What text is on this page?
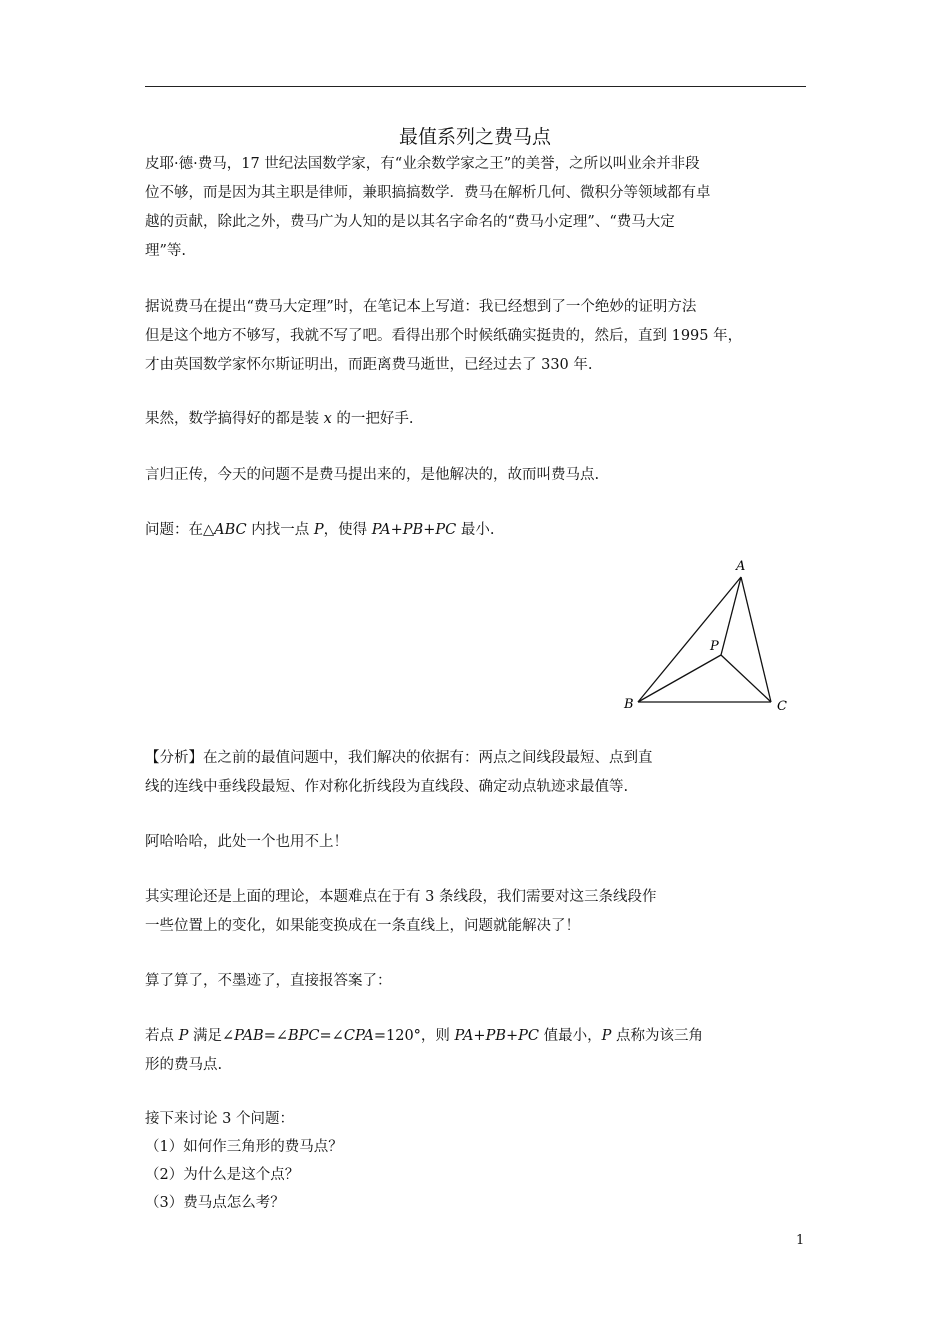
最值系列之费马点
皮耶·德·费马，17 世纪法国数学家，有“业余数学家之王”的美誉，之所以叫业余并非段
位不够，而是因为其主职是律师，兼职搞搞数学．费马在解析几何、微积分等领域都有卓
越的贡献，除此之外，费马广为人知的是以其名字命名的“费马小定理”、“费马大定
理”等.
据说费马在提出“费马大定理”时，在笔记本上写道：我已经想到了一个绝妙的证明方法
但是这个地方不够写，我就不写了吧。看得出那个时候纸确实挺贵的，然后，直到 1995 年，
才由英国数学家怀尔斯证明出，而距离费马逝世，已经过去了 330 年.
果然，数学搞得好的都是装 x 的一把好手.
言归正传，今天的问题不是费马提出来的，是他解决的，故而叫费马点.
问题：在△ABC 内找一点 P，使得 PA+PB+PC 最小.
A
B	C
P
【分析】在之前的最值问题中，我们解决的依据有：两点之间线段最短、点到直
线的连线中垂线段最短、作对称化折线段为直线段、确定动点轨迹求最值等.
阿哈哈哈，此处一个也用不上！
其实理论还是上面的理论，本题难点在于有 3 条线段，我们需要对这三条线段作
一些位置上的变化，如果能变换成在一条直线上，问题就能解决了！
算了算了，不墨迹了，直接报答案了：
若点 P 满足∠PAB=∠BPC=∠CPA=120°，则 PA+PB+PC 值最小，P 点称为该三角
形的费马点.
接下来讨论 3 个问题：
（1）如何作三角形的费马点？
（2）为什么是这个点？
（3）费马点怎么考？
1
